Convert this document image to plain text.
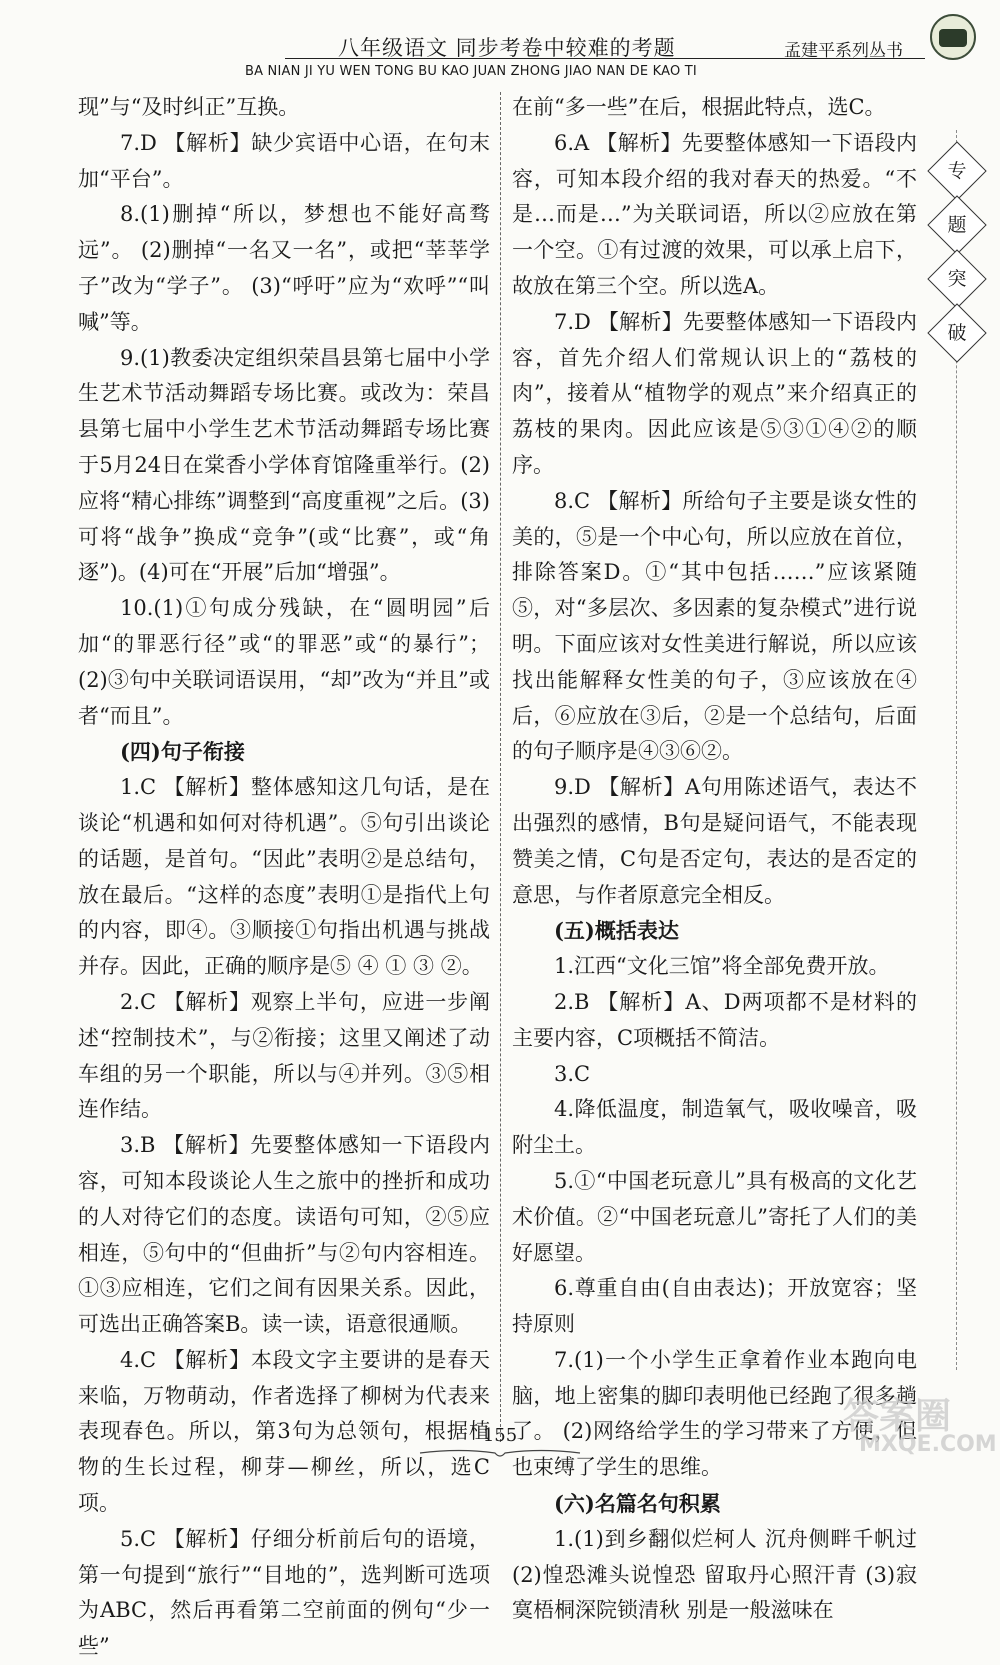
八年级语文 同步考卷中较难的考题	孟建平系列丛书
BA NIAN JI YU WEN TONG BU KAO JUAN ZHONG JIAO NAN DE KAO TI
专
题
突
破

现”与“及时纠正”互换。

7.D 【解析】缺少宾语中心语，在句末加“平台”。

8.(1)删掉“所以，梦想也不能好高骛远”。 (2)删掉“一名又一名”，或把“莘莘学子”改为“学子”。 (3)“呼吁”应为“欢呼”“叫喊”等。

9.(1)教委决定组织荣昌县第七届中小学生艺术节活动舞蹈专场比赛。或改为：荣昌县第七届中小学生艺术节活动舞蹈专场比赛于5月24日在棠香小学体育馆隆重举行。(2)应将“精心排练”调整到“高度重视”之后。(3)可将“战争”换成“竞争”(或“比赛”，或“角逐”)。(4)可在“开展”后加“增强”。

10.(1)①句成分残缺，在“圆明园”后加“的罪恶行径”或“的罪恶”或“的暴行”；(2)③句中关联词语误用，“却”改为“并且”或者“而且”。

(四)句子衔接

1.C 【解析】整体感知这几句话，是在谈论“机遇和如何对待机遇”。⑤句引出谈论的话题，是首句。“因此”表明②是总结句，放在最后。“这样的态度”表明①是指代上句的内容，即④。③顺接①句指出机遇与挑战并存。因此，正确的顺序是⑤ ④ ① ③ ②。

2.C 【解析】观察上半句，应进一步阐述“控制技术”，与②衔接；这里又阐述了动车组的另一个职能，所以与④并列。③⑤相连作结。

3.B 【解析】先要整体感知一下语段内容，可知本段谈论人生之旅中的挫折和成功的人对待它们的态度。读语句可知，②⑤应相连，⑤句中的“但曲折”与②句内容相连。①③应相连，它们之间有因果关系。因此，可选出正确答案B。读一读，语意很通顺。

4.C 【解析】本段文字主要讲的是春天来临，万物萌动，作者选择了柳树为代表来表现春色。所以，第3句为总领句，根据植物的生长过程，柳芽—柳丝，所以，选C项。

5.C 【解析】仔细分析前后句的语境，第一句提到“旅行”“目地的”，选判断可选项为ABC，然后再看第二空前面的例句“少一些”

在前“多一些”在后，根据此特点，选C。

6.A 【解析】先要整体感知一下语段内容，可知本段介绍的我对春天的热爱。“不是…而是…”为关联词语，所以②应放在第一个空。①有过渡的效果，可以承上启下，故放在第三个空。所以选A。

7.D 【解析】先要整体感知一下语段内容，首先介绍人们常规认识上的“荔枝的肉”，接着从“植物学的观点”来介绍真正的荔枝的果肉。因此应该是⑤③①④②的顺序。

8.C 【解析】所给句子主要是谈女性的美的，⑤是一个中心句，所以应放在首位，排除答案D。①“其中包括……”应该紧随⑤，对“多层次、多因素的复杂模式”进行说明。下面应该对女性美进行解说，所以应该找出能解释女性美的句子，③应该放在④后，⑥应放在③后，②是一个总结句，后面的句子顺序是④③⑥②。

9.D 【解析】A句用陈述语气，表达不出强烈的感情，B句是疑问语气，不能表现赞美之情，C句是否定句，表达的是否定的意思，与作者原意完全相反。

(五)概括表达

1.江西“文化三馆”将全部免费开放。

2.B 【解析】A、D两项都不是材料的主要内容，C项概括不简洁。

3.C

4.降低温度，制造氧气，吸收噪音，吸附尘土。

5.①“中国老玩意儿”具有极高的文化艺术价值。②“中国老玩意儿”寄托了人们的美好愿望。

6.尊重自由(自由表达)；开放宽容；坚持原则

7.(1)一个小学生正拿着作业本跑向电脑，地上密集的脚印表明他已经跑了很多趟了。 (2)网络给学生的学习带来了方便，但也束缚了学生的思维。

(六)名篇名句积累

1.(1)到乡翻似烂柯人 沉舟侧畔千帆过 (2)惶恐滩头说惶恐 留取丹心照汗青 (3)寂寞梧桐深院锁清秋 别是一般滋味在

155	答案圈
MXQE.COM
